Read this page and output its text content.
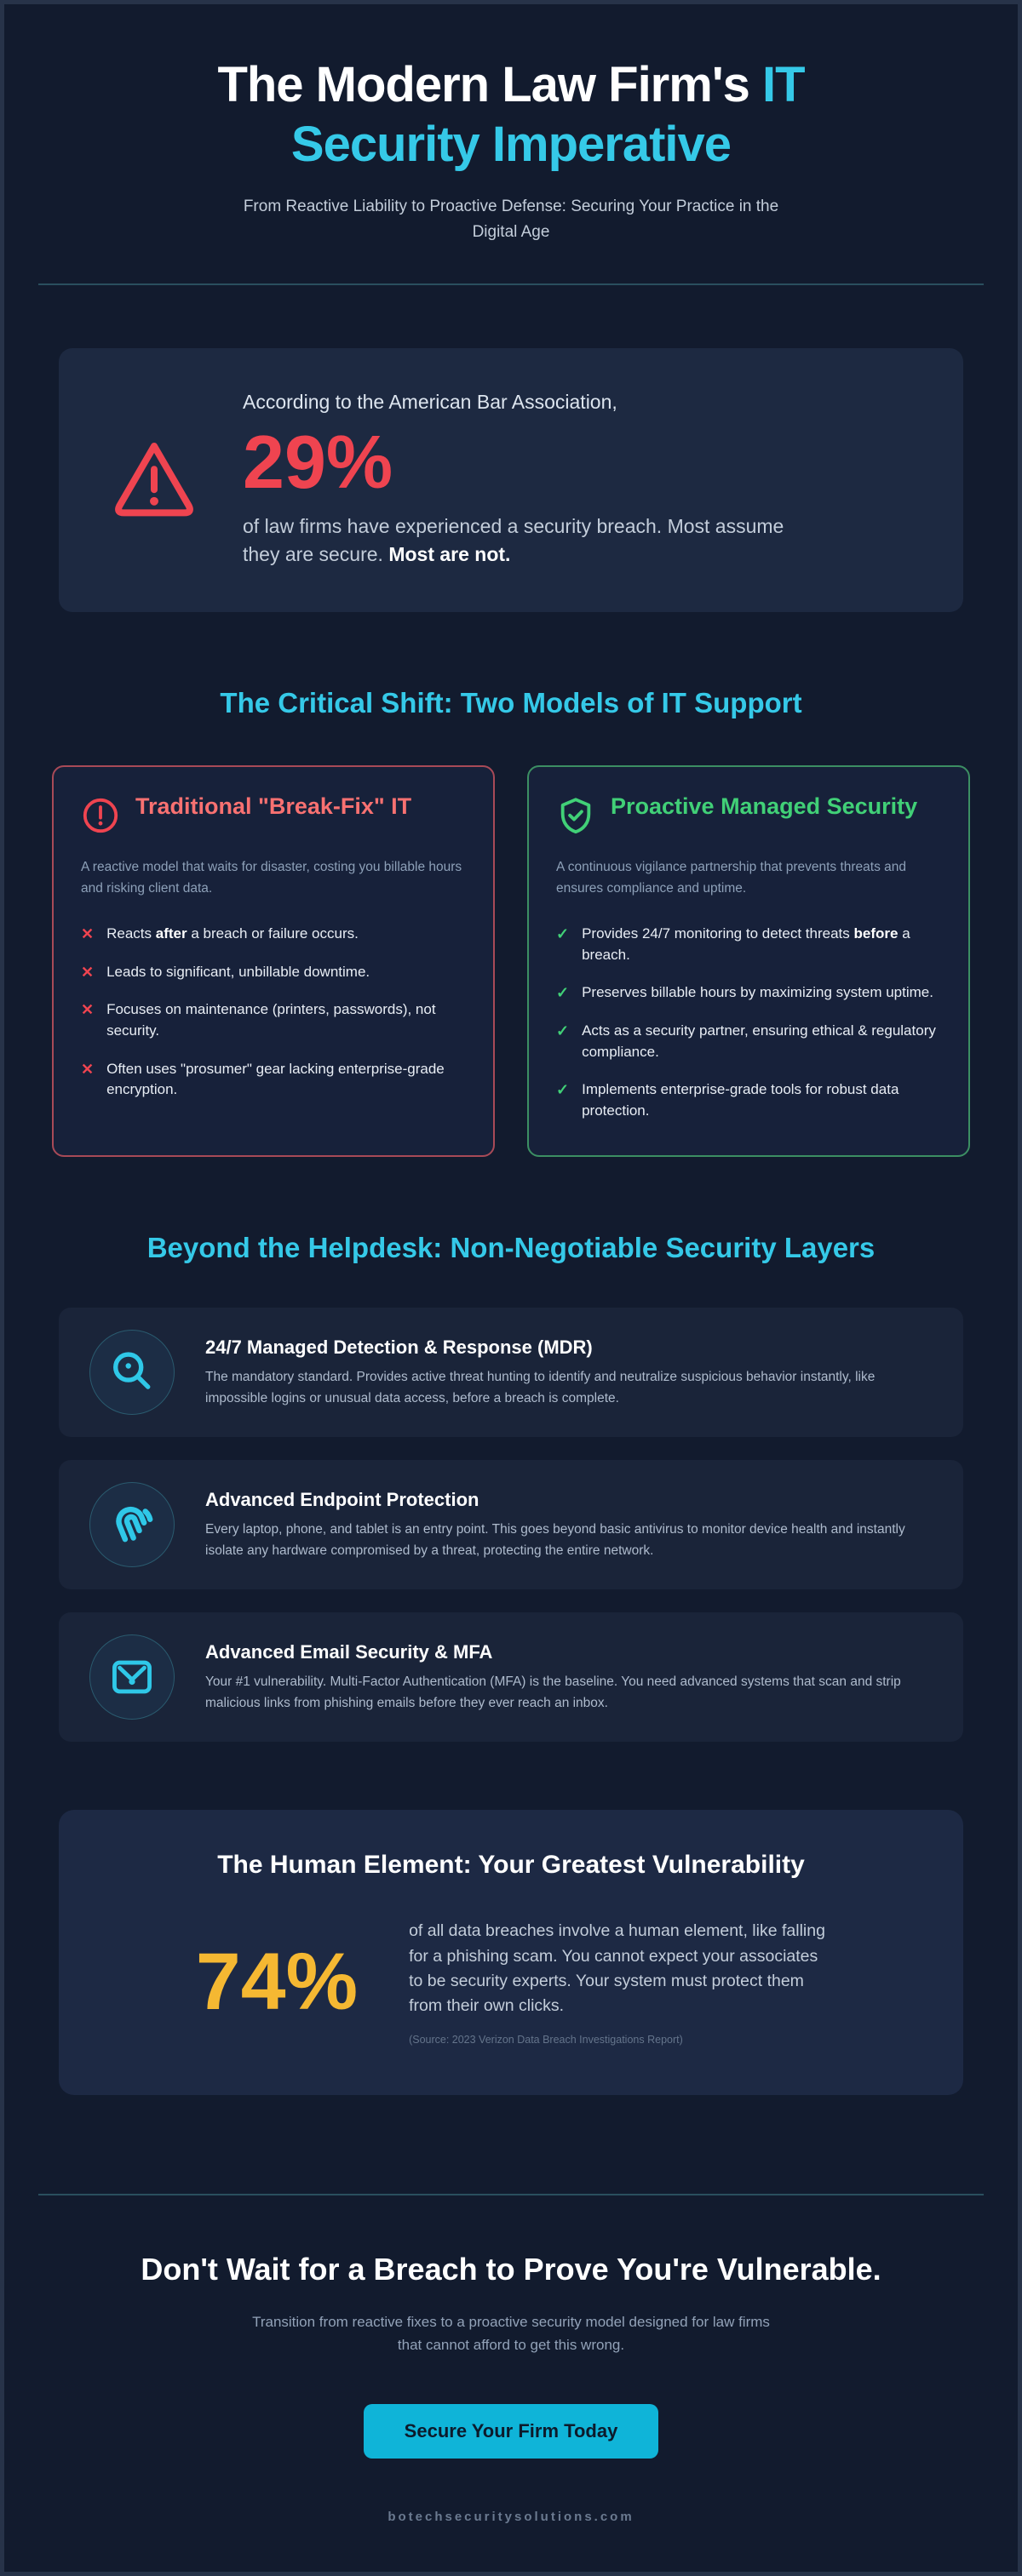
The Modern Law Firm's IT
Security Imperative

From Reactive Liability to Proactive Defense: Securing Your Practice in the Digital Age

According to the American Bar Association,

29%

of law firms have experienced a security breach. Most assume they are secure. Most are not.

The Critical Shift: Two Models of IT Support
Traditional "Break-Fix" IT

A reactive model that waits for disaster, costing you billable hours and risking client data.

✕ Reacts after a breach or failure occurs.
✕ Leads to significant, unbillable downtime.
✕ Focuses on maintenance (printers, passwords), not security.
✕ Often uses "prosumer" gear lacking enterprise-grade encryption.
Proactive Managed Security

A continuous vigilance partnership that prevents threats and ensures compliance and uptime.

✓ Provides 24/7 monitoring to detect threats before a breach.
✓ Preserves billable hours by maximizing system uptime.
✓ Acts as a security partner, ensuring ethical & regulatory compliance.
✓ Implements enterprise-grade tools for robust data protection.
Beyond the Helpdesk: Non-Negotiable Security Layers
24/7 Managed Detection & Response (MDR)

The mandatory standard. Provides active threat hunting to identify and neutralize suspicious behavior instantly, like impossible logins or unusual data access, before a breach is complete.

Advanced Endpoint Protection

Every laptop, phone, and tablet is an entry point. This goes beyond basic antivirus to monitor device health and instantly isolate any hardware compromised by a threat, protecting the entire network.

Advanced Email Security & MFA

Your #1 vulnerability. Multi-Factor Authentication (MFA) is the baseline. You need advanced systems that scan and strip malicious links from phishing emails before they ever reach an inbox.

The Human Element: Your Greatest Vulnerability
74%

of all data breaches involve a human element, like falling for a phishing scam. You cannot expect your associates to be security experts. Your system must protect them from their own clicks.

(Source: 2023 Verizon Data Breach Investigations Report)

Don't Wait for a Breach to Prove You're Vulnerable.

Transition from reactive fixes to a proactive security model designed for law firms that cannot afford to get this wrong.

Secure Your Firm Today

botechsecuritysolutions.com
